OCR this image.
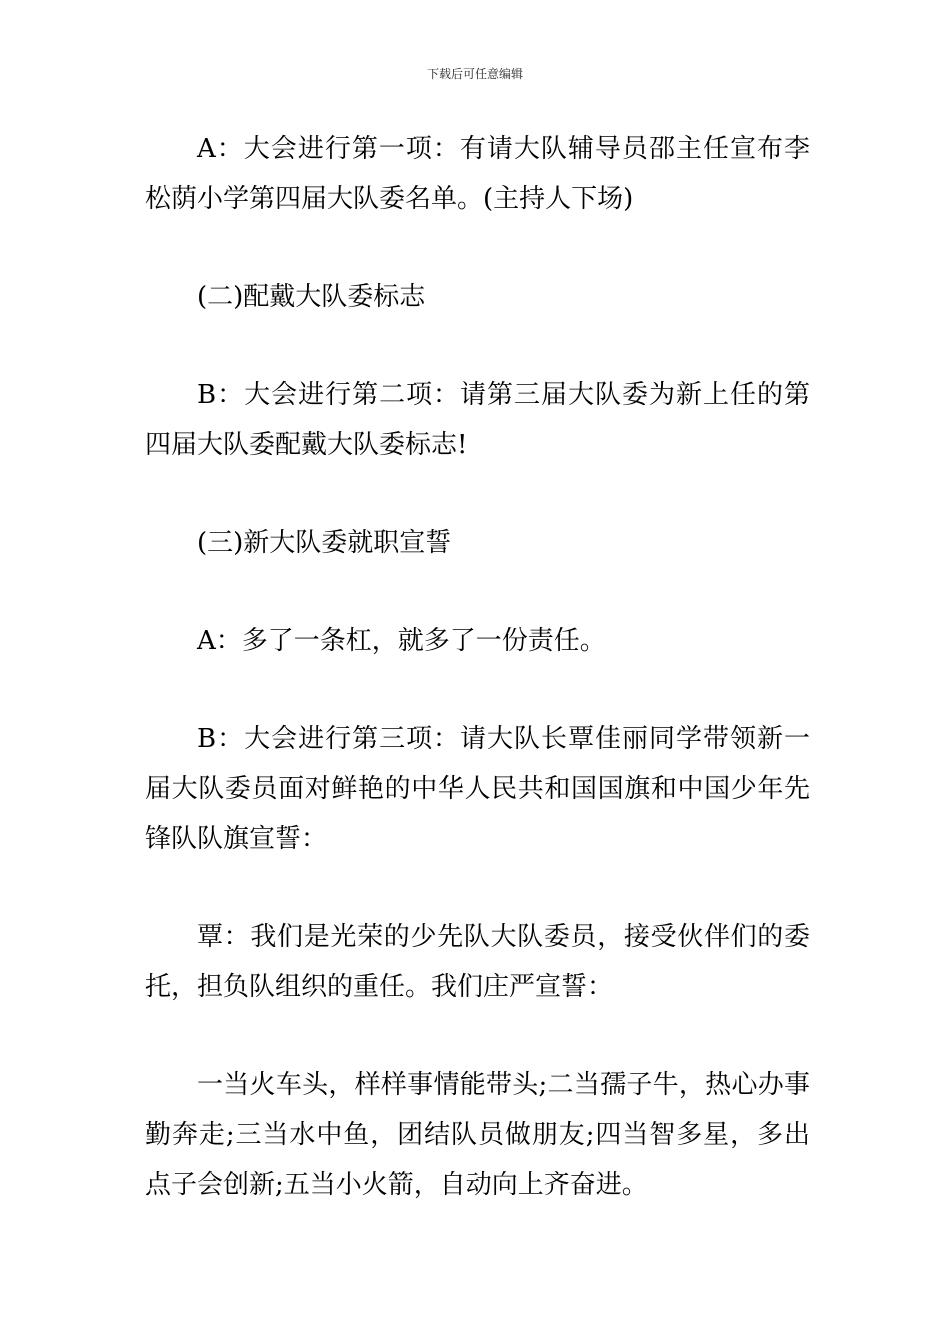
下载后可任意编辑

A：大会进行第一项：有请大队辅导员邵主任宣布李松荫小学第四届大队委名单。(主持人下场)

(二)配戴大队委标志

B：大会进行第二项：请第三届大队委为新上任的第四届大队委配戴大队委标志!

(三)新大队委就职宣誓

A：多了一条杠，就多了一份责任。

B：大会进行第三项：请大队长覃佳丽同学带领新一届大队委员面对鲜艳的中华人民共和国国旗和中国少年先锋队队旗宣誓：

覃：我们是光荣的少先队大队委员，接受伙伴们的委托，担负队组织的重任。我们庄严宣誓：

一当火车头，样样事情能带头;二当孺子牛，热心办事勤奔走;三当水中鱼，团结队员做朋友;四当智多星，多出点子会创新;五当小火箭，自动向上齐奋进。
